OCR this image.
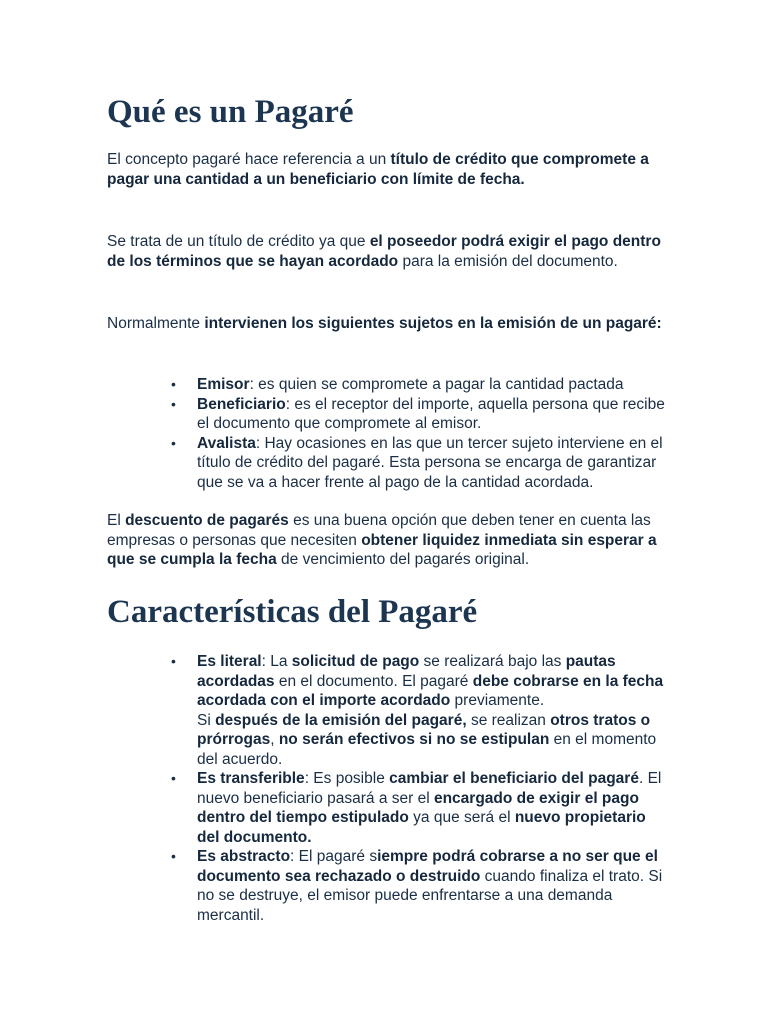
Qué es un Pagaré

El concepto pagaré hace referencia a un título de crédito que compromete a pagar una cantidad a un beneficiario con límite de fecha.

Se trata de un título de crédito ya que el poseedor podrá exigir el pago dentro de los términos que se hayan acordado para la emisión del documento.

Normalmente intervienen los siguientes sujetos en la emisión de un pagaré:

• Emisor: es quien se compromete a pagar la cantidad pactada
• Beneficiario: es el receptor del importe, aquella persona que recibe el documento que compromete al emisor.
• Avalista: Hay ocasiones en las que un tercer sujeto interviene en el título de crédito del pagaré. Esta persona se encarga de garantizar que se va a hacer frente al pago de la cantidad acordada.

El descuento de pagarés es una buena opción que deben tener en cuenta las empresas o personas que necesiten obtener liquidez inmediata sin esperar a que se cumpla la fecha de vencimiento del pagarés original.

Características del Pagaré
• Es literal: La solicitud de pago se realizará bajo las pautas acordadas en el documento. El pagaré debe cobrarse en la fecha acordada con el importe acordado previamente.
Si después de la emisión del pagaré, se realizan otros tratos o prórrogas, no serán efectivos si no se estipulan en el momento del acuerdo.
• Es transferible: Es posible cambiar el beneficiario del pagaré. El nuevo beneficiario pasará a ser el encargado de exigir el pago dentro del tiempo estipulado ya que será el nuevo propietario del documento.
• Es abstracto: El pagaré siempre podrá cobrarse a no ser que el documento sea rechazado o destruido cuando finaliza el trato. Si no se destruye, el emisor puede enfrentarse a una demanda mercantil.
